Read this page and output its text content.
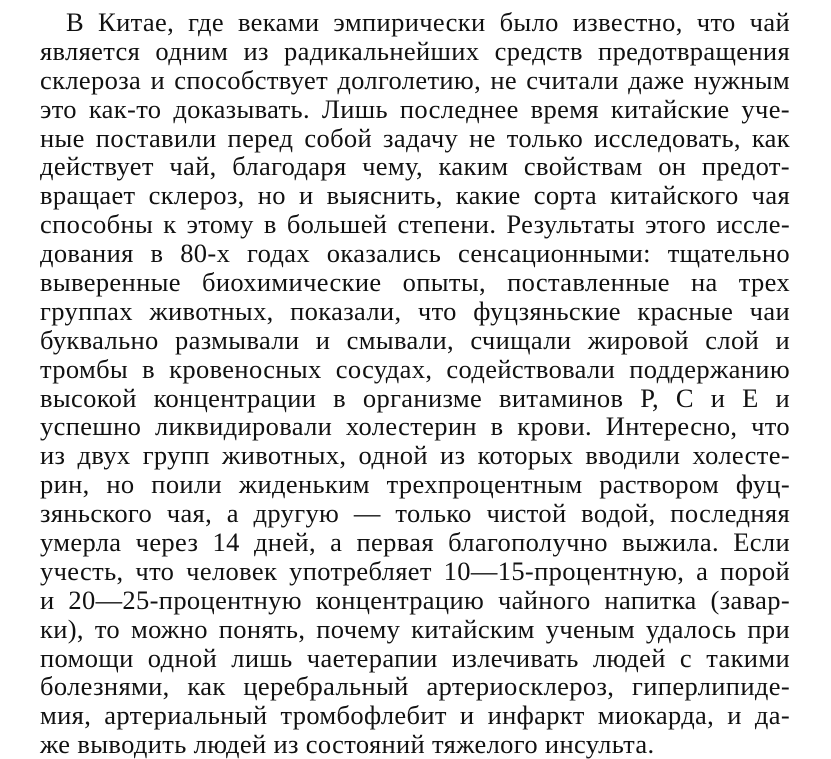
В Китае, где веками эмпирически было известно, что чай
является одним из радикальнейших средств предотвращения
склероза и способствует долголетию, не считали даже нужным
это как-то доказывать. Лишь последнее время китайские уче-
ные поставили перед собой задачу не только исследовать, как
действует чай, благодаря чему, каким свойствам он предот-
вращает склероз, но и выяснить, какие сорта китайского чая
способны к этому в большей степени. Результаты этого иссле-
дования в 80-х годах оказались сенсационными: тщательно
выверенные биохимические опыты, поставленные на трех
группах животных, показали, что фуцзяньские красные чаи
буквально размывали и смывали, счищали жировой слой и
тромбы в кровеносных сосудах, содействовали поддержанию
высокой концентрации в организме витаминов Р, С и Е и
успешно ликвидировали холестерин в крови. Интересно, что
из двух групп животных, одной из которых вводили холесте-
рин, но поили жиденьким трехпроцентным раствором фуц-
зяньского чая, а другую — только чистой водой, последняя
умерла через 14 дней, а первая благополучно выжила. Если
учесть, что человек употребляет 10—15-процентную, а порой
и 20—25-процентную концентрацию чайного напитка (завар-
ки), то можно понять, почему китайским ученым удалось при
помощи одной лишь чаетерапии излечивать людей с такими
болезнями, как церебральный артериосклероз, гиперлипиде-
мия, артериальный тромбофлебит и инфаркт миокарда, и да-
же выводить людей из состояний тяжелого инсульта.
